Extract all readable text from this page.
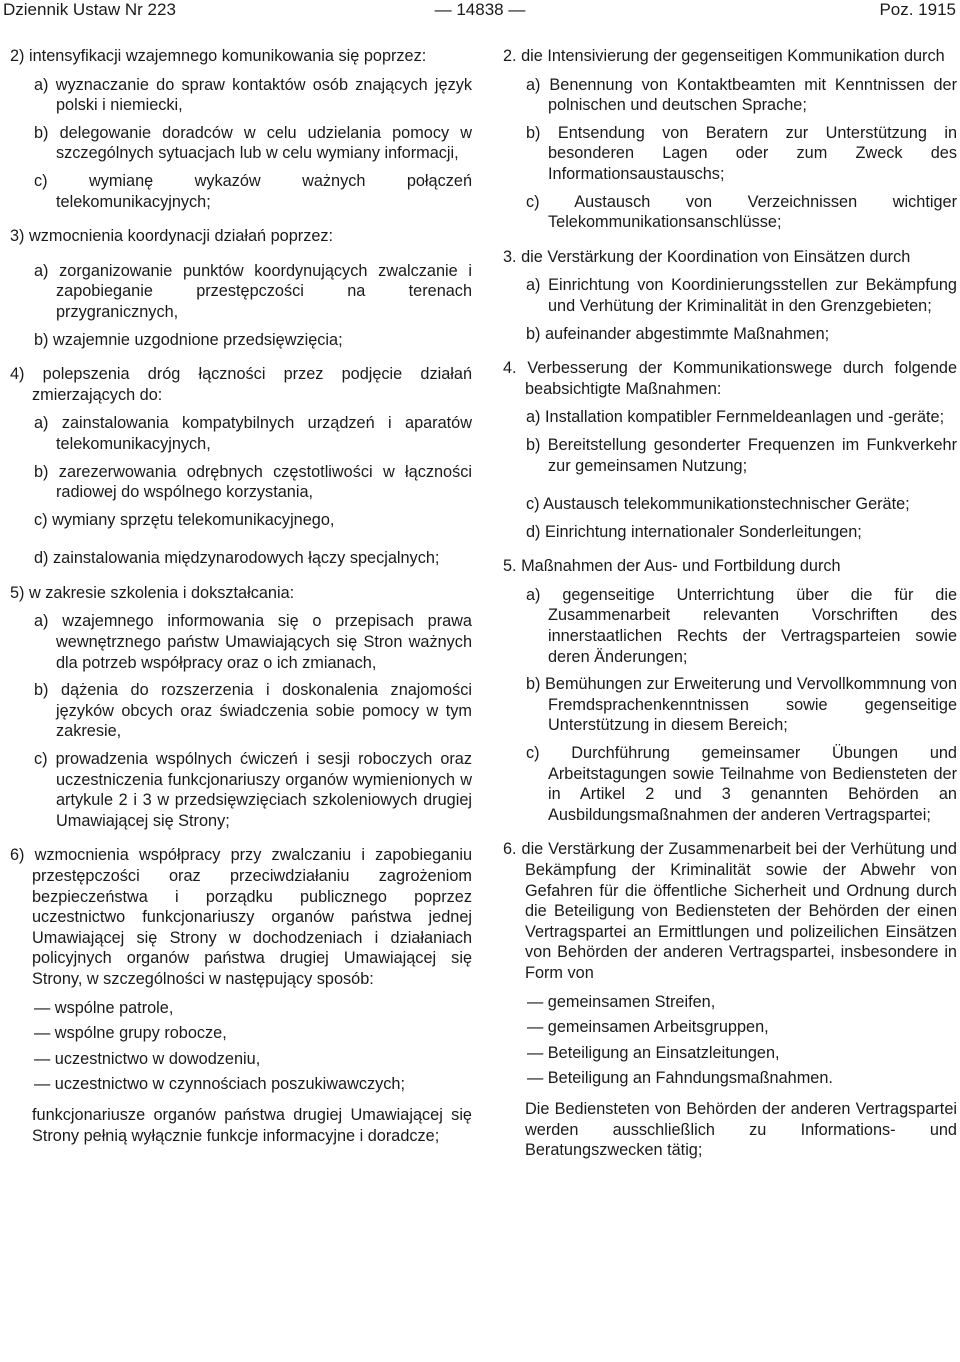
Dziennik Ustaw Nr 223	— 14838 —	Poz. 1915
2) intensyfikacji wzajemnego komunikowania się poprzez:
a) wyznaczanie do spraw kontaktów osób znających język polski i niemiecki,
b) delegowanie doradców w celu udzielania pomocy w szczególnych sytuacjach lub w celu wymiany informacji,
c) wymianę wykazów ważnych połączeń telekomunikacyjnych;
3) wzmocnienia koordynacji działań poprzez:
a) zorganizowanie punktów koordynujących zwalczanie i zapobieganie przestępczości na terenach przygranicznych,
b) wzajemnie uzgodnione przedsięwzięcia;
4) polepszenia dróg łączności przez podjęcie działań zmierzających do:
a) zainstalowania kompatybilnych urządzeń i aparatów telekomunikacyjnych,
b) zarezerwowania odrębnych częstotliwości w łączności radiowej do wspólnego korzystania,
c) wymiany sprzętu telekomunikacyjnego,
d) zainstalowania międzynarodowych łączy specjalnych;
5) w zakresie szkolenia i dokształcania:
a) wzajemnego informowania się o przepisach prawa wewnętrznego państw Umawiających się Stron ważnych dla potrzeb współpracy oraz o ich zmianach,
b) dążenia do rozszerzenia i doskonalenia znajomości języków obcych oraz świadczenia sobie pomocy w tym zakresie,
c) prowadzenia wspólnych ćwiczeń i sesji roboczych oraz uczestniczenia funkcjonariuszy organów wymienionych w artykule 2 i 3 w przedsięwzięciach szkoleniowych drugiej Umawiającej się Strony;
6) wzmocnienia współpracy przy zwalczaniu i zapobieganiu przestępczości oraz przeciwdziałaniu zagrożeniom bezpieczeństwa i porządku publicznego poprzez uczestnictwo funkcjonariuszy organów państwa jednej Umawiającej się Strony w dochodzeniach i działaniach policyjnych organów państwa drugiej Umawiającej się Strony, w szczególności w następujący sposób:
— wspólne patrole,
— wspólne grupy robocze,
— uczestnictwo w dowodzeniu,
— uczestnictwo w czynnościach poszukiwawczych;
funkcjonariusze organów państwa drugiej Umawiającej się Strony pełnią wyłącznie funkcje informacyjne i doradcze;
2. die Intensivierung der gegenseitigen Kommunikation durch
a) Benennung von Kontaktbeamten mit Kenntnissen der polnischen und deutschen Sprache;
b) Entsendung von Beratern zur Unterstützung in besonderen Lagen oder zum Zweck des Informationsaustauschs;
c) Austausch von Verzeichnissen wichtiger Telekommunikationsanschlüsse;
3. die Verstärkung der Koordination von Einsätzen durch
a) Einrichtung von Koordinierungsstellen zur Bekämpfung und Verhütung der Kriminalität in den Grenzgebieten;
b) aufeinander abgestimmte Maßnahmen;
4. Verbesserung der Kommunikationswege durch folgende beabsichtigte Maßnahmen:
a) Installation kompatibler Fernmeldeanlagen und -geräte;
b) Bereitstellung gesonderter Frequenzen im Funkverkehr zur gemeinsamen Nutzung;
c) Austausch telekommunikationstechnischer Geräte;
d) Einrichtung internationaler Sonderleitungen;
5. Maßnahmen der Aus- und Fortbildung durch
a) gegenseitige Unterrichtung über die für die Zusammenarbeit relevanten Vorschriften des innerstaatlichen Rechts der Vertragsparteien sowie deren Änderungen;
b) Bemühungen zur Erweiterung und Vervollkommnung von Fremdsprachenkenntnissen sowie gegenseitige Unterstützung in diesem Bereich;
c) Durchführung gemeinsamer Übungen und Arbeitstagungen sowie Teilnahme von Bediensteten der in Artikel 2 und 3 genannten Behörden an Ausbildungsmaßnahmen der anderen Vertragspartei;
6. die Verstärkung der Zusammenarbeit bei der Verhütung und Bekämpfung der Kriminalität sowie der Abwehr von Gefahren für die öffentliche Sicherheit und Ordnung durch die Beteiligung von Bediensteten der Behörden der einen Vertragspartei an Ermittlungen und polizeilichen Einsätzen von Behörden der anderen Vertragspartei, insbesondere in Form von
— gemeinsamen Streifen,
— gemeinsamen Arbeitsgruppen,
— Beteiligung an Einsatzleitungen,
— Beteiligung an Fahndungsmaßnahmen.
Die Bediensteten von Behörden der anderen Vertragspartei werden ausschließlich zu Informations- und Beratungszwecken tätig;
